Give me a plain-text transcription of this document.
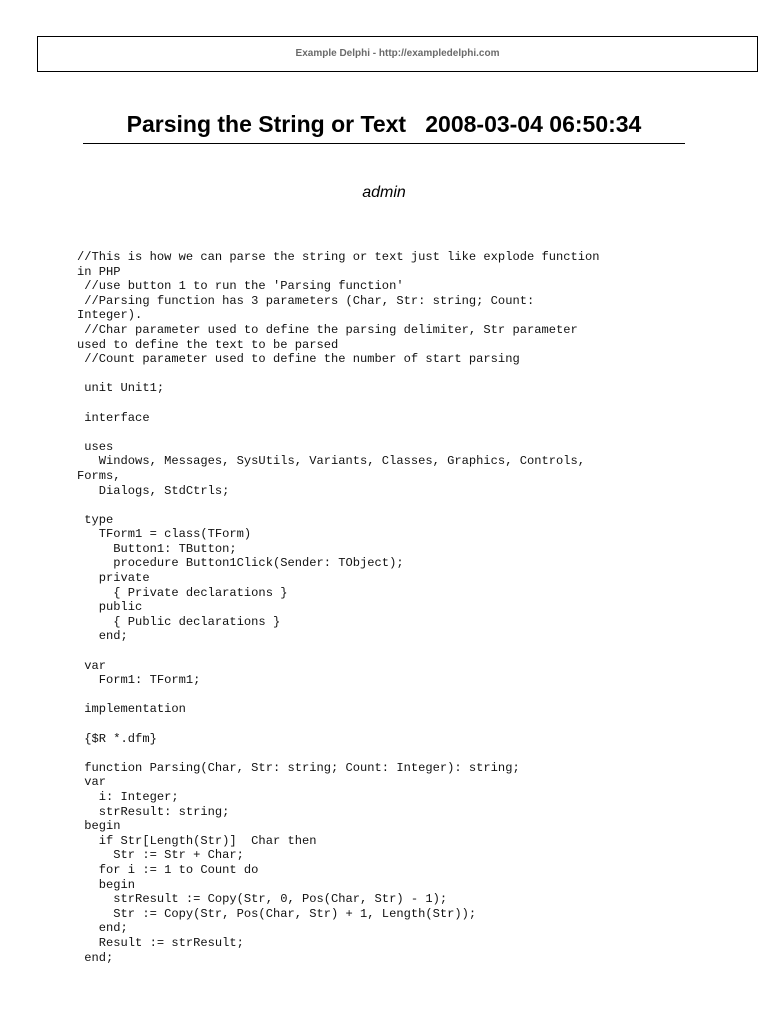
Example Delphi - http://exampledelphi.com
Parsing the String or Text   2008-03-04 06:50:34
admin
//This is how we can parse the string or text just like explode function
in PHP
//use button 1 to run the 'Parsing function'
//Parsing function has 3 parameters (Char, Str: string; Count:
Integer).
//Char parameter used to define the parsing delimiter, Str parameter
used to define the text to be parsed
//Count parameter used to define the number of start parsing

unit Unit1;

interface

uses
Windows, Messages, SysUtils, Variants, Classes, Graphics, Controls,
Forms,
Dialogs, StdCtrls;

type
TForm1 = class(TForm)
Button1: TButton;
procedure Button1Click(Sender: TObject);
private
{ Private declarations }
public
{ Public declarations }
end;

var
Form1: TForm1;

implementation

{$R *.dfm}

function Parsing(Char, Str: string; Count: Integer): string;
var
i: Integer;
strResult: string;
begin
if Str[Length(Str)]  Char then
Str := Str + Char;
for i := 1 to Count do
begin
strResult := Copy(Str, 0, Pos(Char, Str) - 1);
Str := Copy(Str, Pos(Char, Str) + 1, Length(Str));
end;
Result := strResult;
end;
